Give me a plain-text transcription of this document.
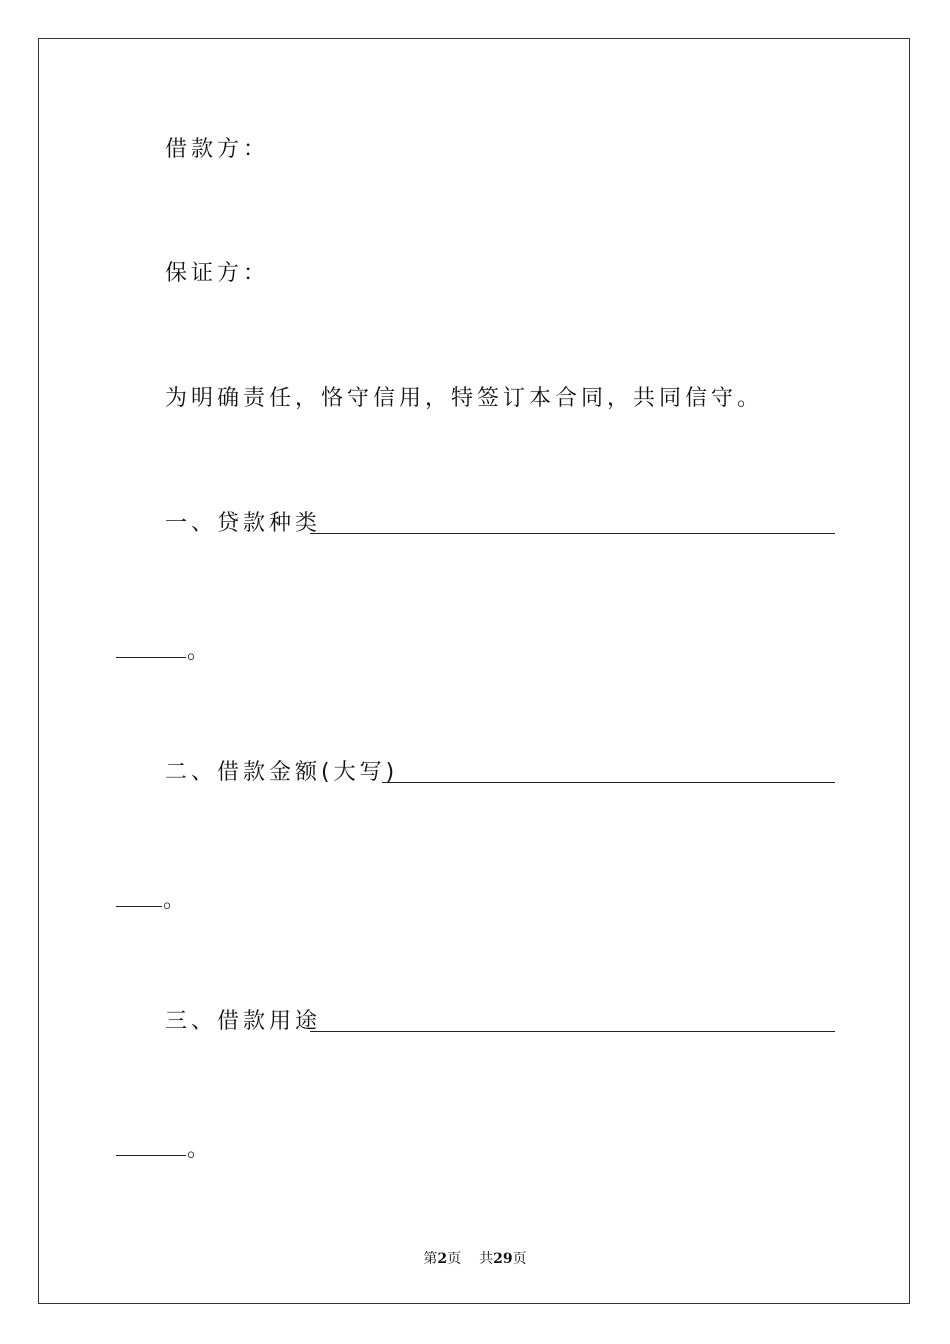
借款方：
保证方：
为明确责任，恪守信用，特签订本合同，共同信守。
一、贷款种类
。
二、借款金额(大写)
。
三、借款用途
。
第2页 共29页
